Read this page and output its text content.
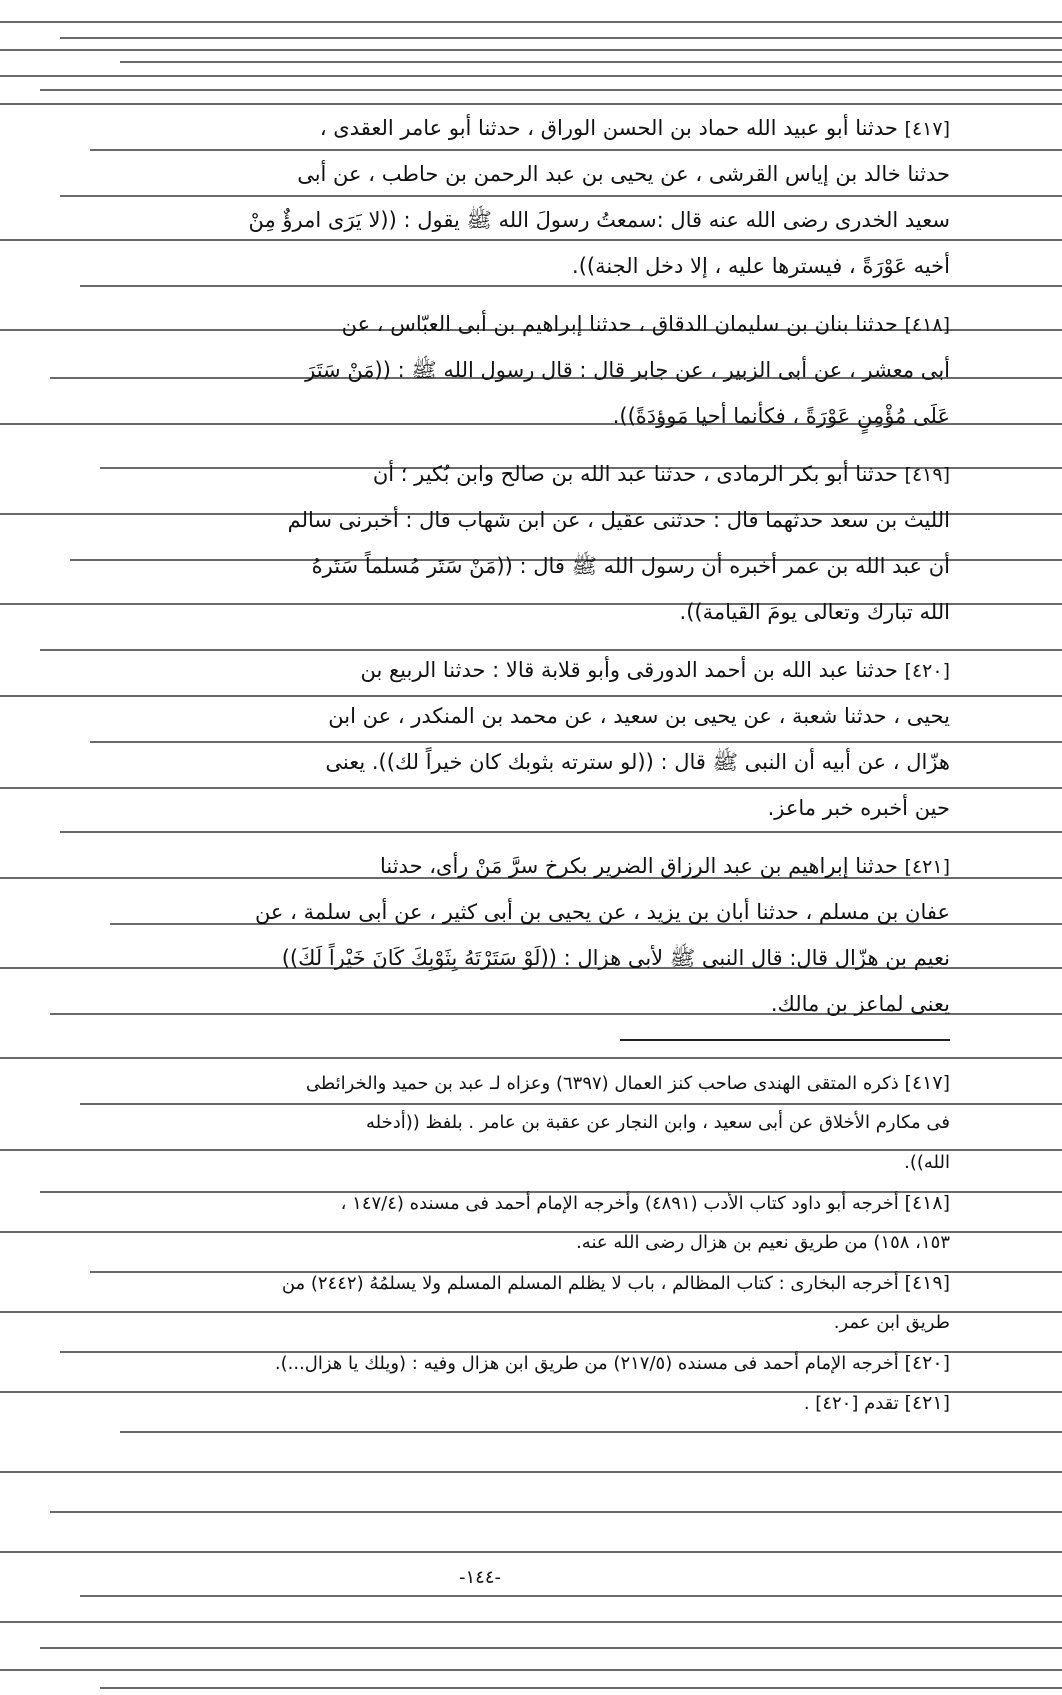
[٤١٧] حدثنا أبو عبيد الله حماد بن الحسن الوراق ، حدثنا أبو عامر العقدى ،
حدثنا خالد بن إياس القرشى ، عن يحيى بن عبد الرحمن بن حاطب ، عن أبى
سعيد الخدرى رضى الله عنه قال :سمعتُ رسولَ الله ﷺ يقول : ((لا يَرَى امرؤٌ مِنْ
أخيه عَوْرَةً ، فيسترها عليه ، إلا دخل الجنة)).
[٤١٨] حدثنا بنان بن سليمان الدقاق ، حدثنا إبراهيم بن أبى العبّاس ، عن
أبى معشر ، عن أبى الزبير ، عن جابر قال : قال رسول الله ﷺ : ((مَنْ سَتَرَ
عَلَى مُؤْمِنٍ عَوْرَةً ، فكأنما أحيا مَوؤدَةً)).
[٤١٩] حدثنا أبو بكر الرمادى ، حدثنا عبد الله بن صالح وابن بُكير ؛ أن
الليث بن سعد حدثهما قال : حدثنى عقيل ، عن ابن شهاب قال : أخبرنى سالم
أن عبد الله بن عمر أخبره أن رسول الله ﷺ قال : ((مَنْ سَتَر مُسلماً سَتَرهُ
الله تبارك وتعالى يومَ القيامة)).
[٤٢٠] حدثنا عبد الله بن أحمد الدورقى وأبو قلابة قالا : حدثنا الربيع بن
يحيى ، حدثنا شعبة ، عن يحيى بن سعيد ، عن محمد بن المنكدر ، عن ابن
هزّال ، عن أبيه أن النبى ﷺ قال : ((لو سترته بثوبك كان خيراً لك)). يعنى
حين أخبره خبر ماعز.
[٤٢١] حدثنا إبراهيم بن عبد الرزاق الضرير بكرخ سرَّ مَنْ رأى، حدثنا
عفان بن مسلم ، حدثنا أبان بن يزيد ، عن يحيى بن أبى كثير ، عن أبى سلمة ، عن
نعيم بن هزّال قال: قال النبى ﷺ لأبى هزال : ((لَوْ سَتَرْتَهُ بِثَوْبِكَ كَانَ خَيْراً لَكَ))
يعنى لماعز بن مالك.
[٤١٧] ذكره المتقى الهندى صاحب كنز العمال (٦٣٩٧) وعزاه لـ عبد بن حميد والخرائطى
فى مكارم الأخلاق عن أبى سعيد ، وابن النجار عن عقبة بن عامر . بلفظ ((أدخله
الله)).
[٤١٨] أخرجه أبو داود كتاب الأدب (٤٨٩١) وأخرجه الإمام أحمد فى مسنده (١٤٧/٤ ،
١٥٣، ١٥٨) من طريق نعيم بن هزال رضى الله عنه.
[٤١٩] أخرجه البخارى : كتاب المظالم ، باب لا يظلم المسلم المسلم ولا يسلمُهُ (٢٤٤٢) من
طريق ابن عمر.
[٤٢٠] أخرجه الإمام أحمد فى مسنده (٢١٧/٥) من طريق ابن هزال وفيه : (ويلك يا هزال...).
[٤٢١] تقدم [٤٢٠] .
-١٤٤-
